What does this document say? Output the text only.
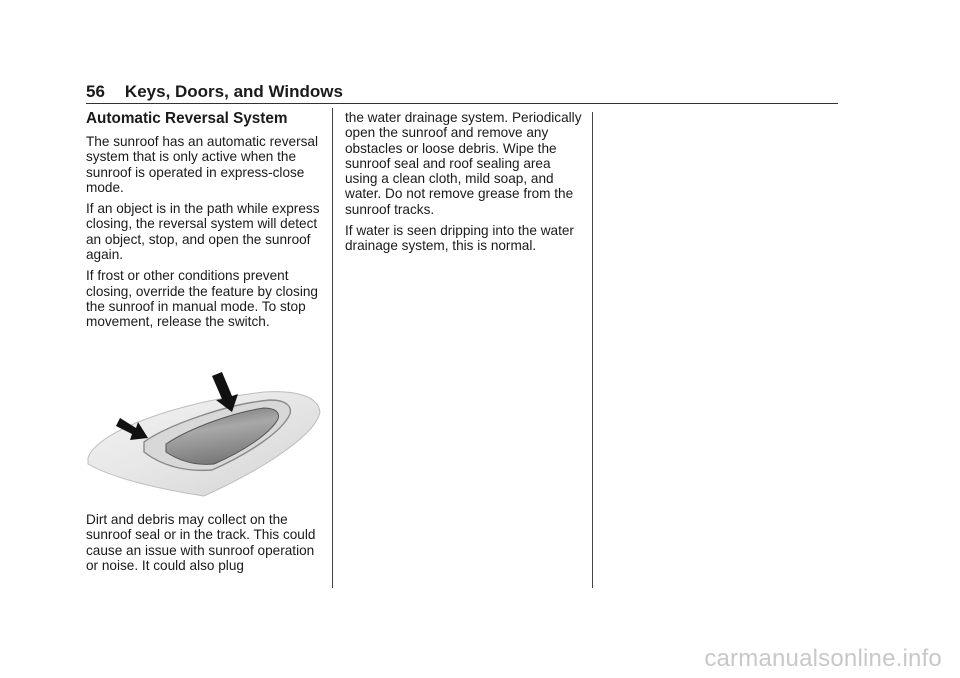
56 Keys, Doors, and Windows
Automatic Reversal System

The sunroof has an automatic reversal system that is only active when the sunroof is operated in express-close mode.

If an object is in the path while express closing, the reversal system will detect an object, stop, and open the sunroof again.

If frost or other conditions prevent closing, override the feature by closing the sunroof in manual mode. To stop movement, release the switch.

Dirt and debris may collect on the sunroof seal or in the track. This could cause an issue with sunroof operation or noise. It could also plug

the water drainage system. Periodically open the sunroof and remove any obstacles or loose debris. Wipe the sunroof seal and roof sealing area using a clean cloth, mild soap, and water. Do not remove grease from the sunroof tracks.

If water is seen dripping into the water drainage system, this is normal.

carmanualsonline.info
